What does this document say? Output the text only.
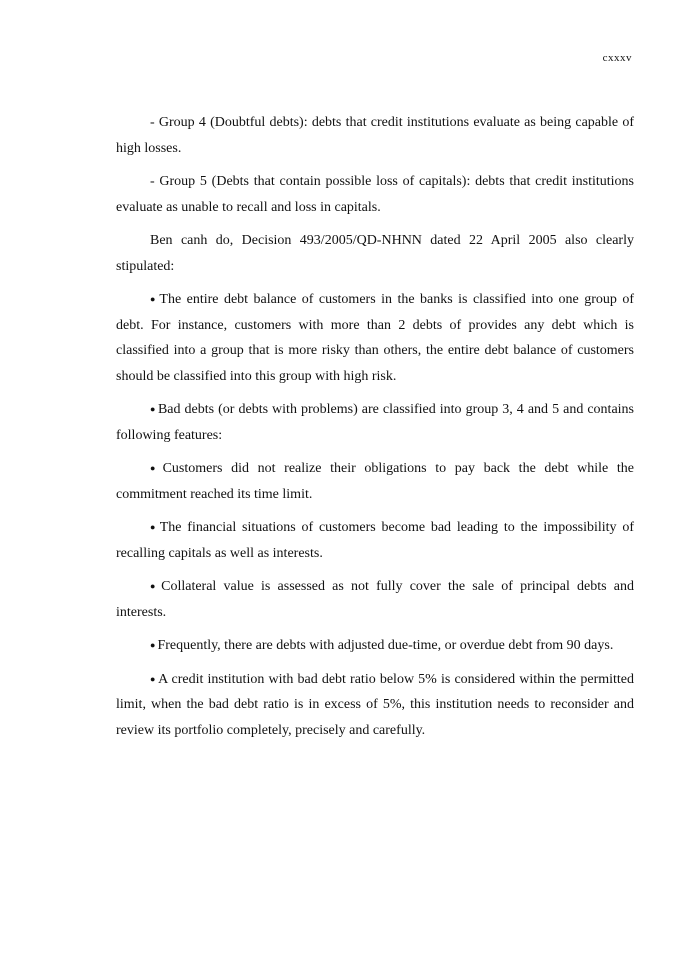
cxxxv

- Group 4 (Doubtful debts): debts that credit institutions evaluate as being capable of high losses.

- Group 5 (Debts that contain possible loss of capitals): debts that credit institutions evaluate as unable to recall and loss in capitals.

Ben canh do, Decision 493/2005/QD-NHNN dated 22 April 2005 also clearly stipulated:

● The entire debt balance of customers in the banks is classified into one group of debt. For instance, customers with more than 2 debts of provides any debt which is classified into a group that is more risky than others, the entire debt balance of customers should be classified into this group with high risk.

● Bad debts (or debts with problems) are classified into group 3, 4 and 5 and contains following features:

● Customers did not realize their obligations to pay back the debt while the commitment reached its time limit.

● The financial situations of customers become bad leading to the impossibility of recalling capitals as well as interests.

● Collateral value is assessed as not fully cover the sale of principal debts and interests.

● Frequently, there are debts with adjusted due-time, or overdue debt from 90 days.

● A credit institution with bad debt ratio below 5% is considered within the permitted limit, when the bad debt ratio is in excess of 5%, this institution needs to reconsider and review its portfolio completely, precisely and carefully.
